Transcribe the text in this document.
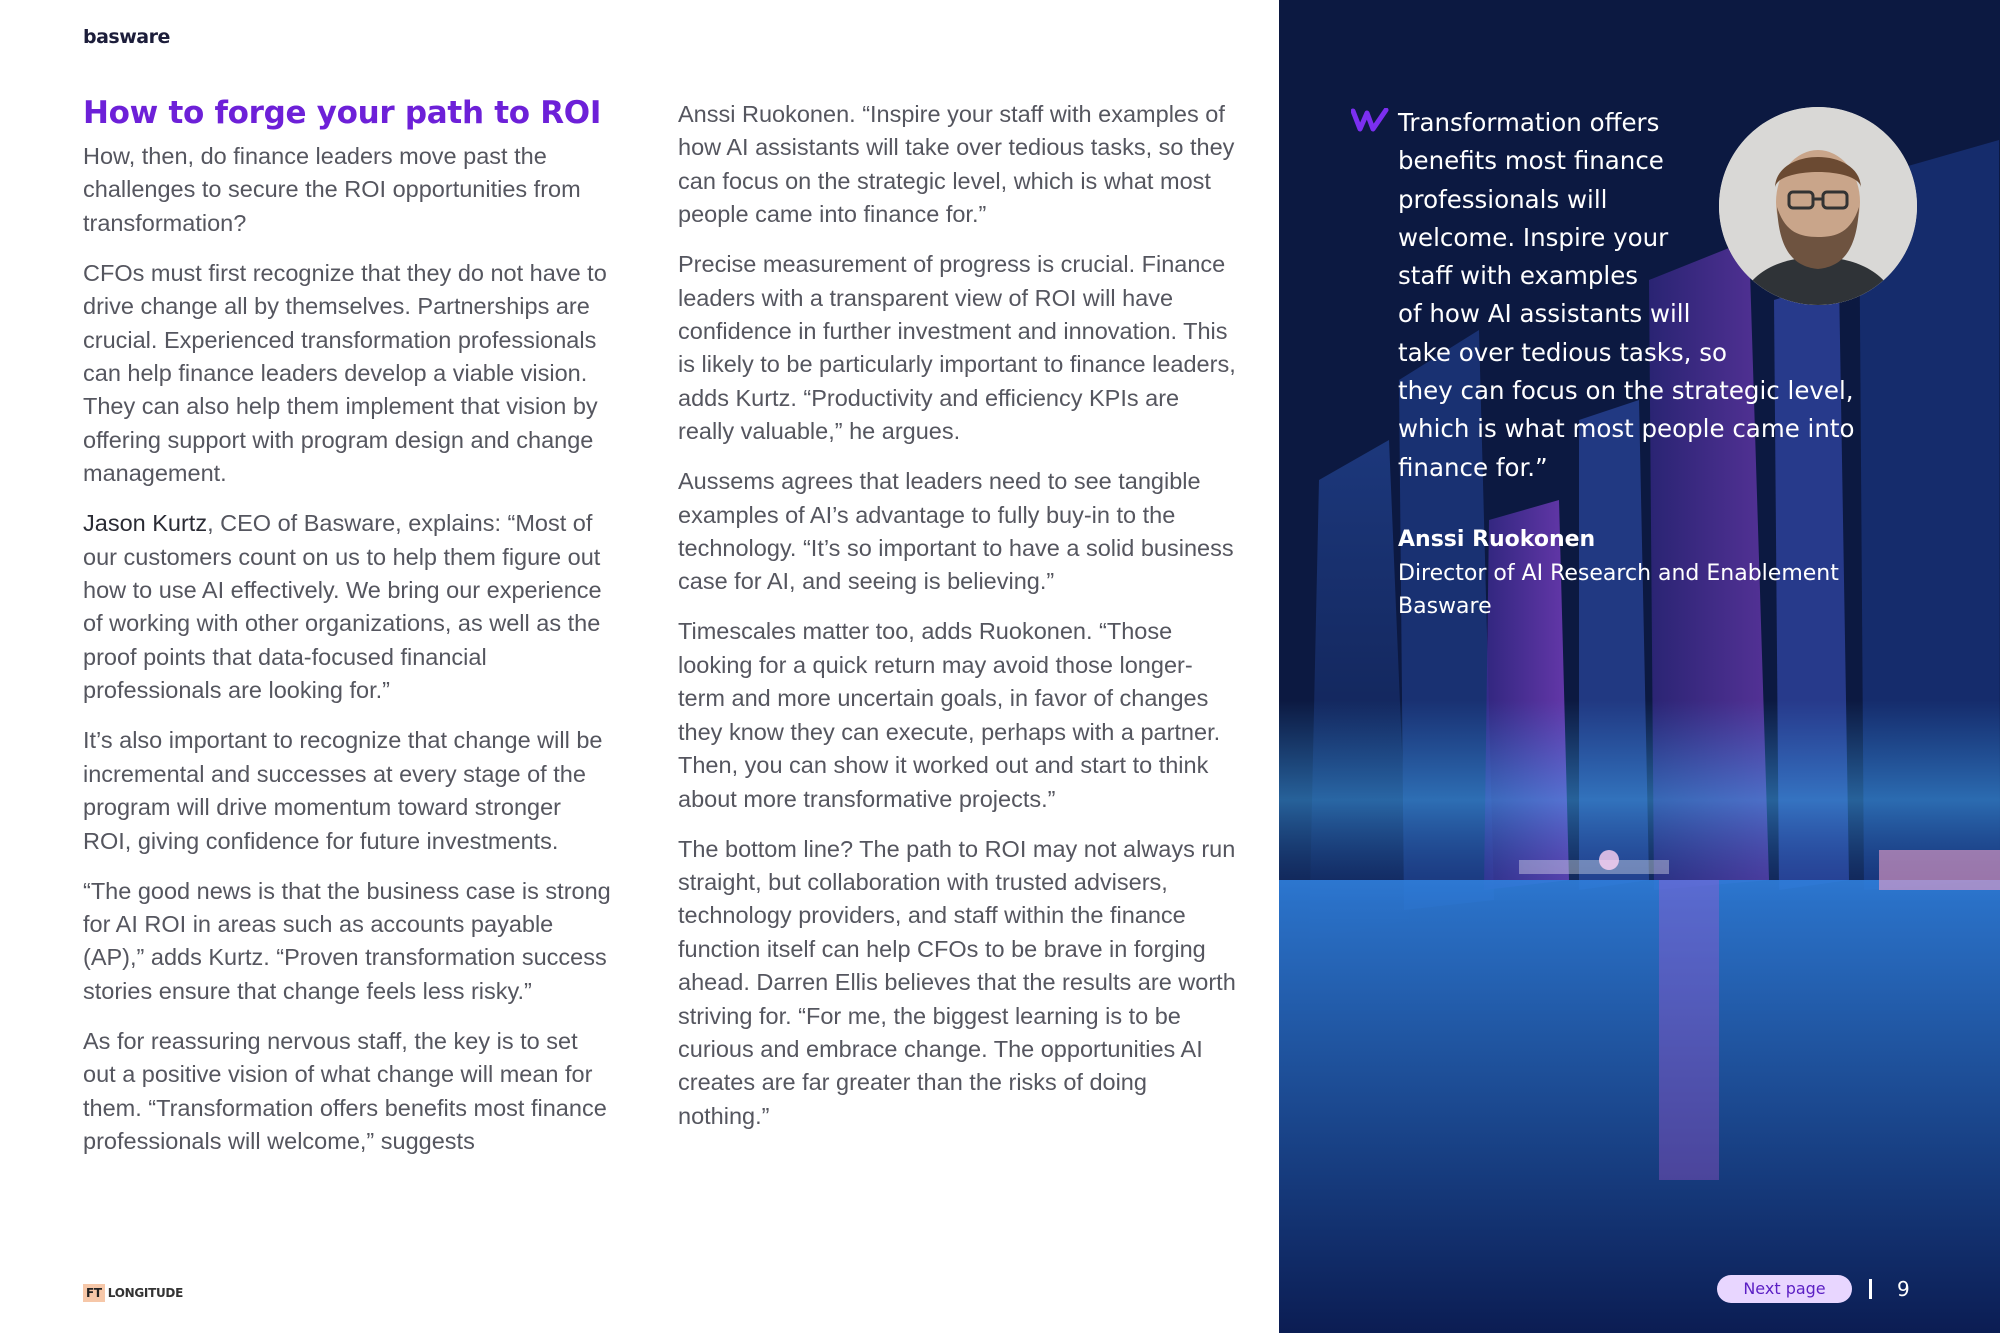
basware
How to forge your path to ROI

How, then, do finance leaders move past the challenges to secure the ROI opportunities from transformation?

CFOs must first recognize that they do not have to drive change all by themselves. Partnerships are crucial. Experienced transformation professionals can help finance leaders develop a viable vision. They can also help them implement that vision by offering support with program design and change management.

Jason Kurtz, CEO of Basware, explains: “Most of our customers count on us to help them figure out how to use AI effectively. We bring our experience of working with other organizations, as well as the proof points that data-focused financial professionals are looking for.”

It’s also important to recognize that change will be incremental and successes at every stage of the program will drive momentum toward stronger ROI, giving confidence for future investments.

“The good news is that the business case is strong for AI ROI in areas such as accounts payable (AP),” adds Kurtz. “Proven transformation success stories ensure that change feels less risky.”

As for reassuring nervous staff, the key is to set out a positive vision of what change will mean for them. “Transformation offers benefits most finance professionals will welcome,” suggests

Anssi Ruokonen. “Inspire your staff with examples of how AI assistants will take over tedious tasks, so they can focus on the strategic level, which is what most people came into finance for.”

Precise measurement of progress is crucial. Finance leaders with a transparent view of ROI will have confidence in further investment and innovation. This is likely to be particularly important to finance leaders, adds Kurtz. “Productivity and efficiency KPIs are really valuable,” he argues.

Aussems agrees that leaders need to see tangible examples of AI’s advantage to fully buy-in to the technology. “It’s so important to have a solid business case for AI, and seeing is believing.”

Timescales matter too, adds Ruokonen. “Those looking for a quick return may avoid those longer-term and more uncertain goals, in favor of changes they know they can execute, perhaps with a partner. Then, you can show it worked out and start to think about more transformative projects.”

The bottom line? The path to ROI may not always run straight, but collaboration with trusted advisers, technology providers, and staff within the finance function itself can help CFOs to be brave in forging ahead. Darren Ellis believes that the results are worth striving for. “For me, the biggest learning is to be curious and embrace change. The opportunities AI creates are far greater than the risks of doing nothing.”

FT LONGITUDE

Transformation offers
benefits most finance
professionals will
welcome. Inspire your
staff with examples
of how AI assistants will
take over tedious tasks, so
they can focus on the strategic level,
which is what most people came into
finance for.”

Anssi Ruokonen
Director of AI Research and Enablement
Basware
Next page	9
